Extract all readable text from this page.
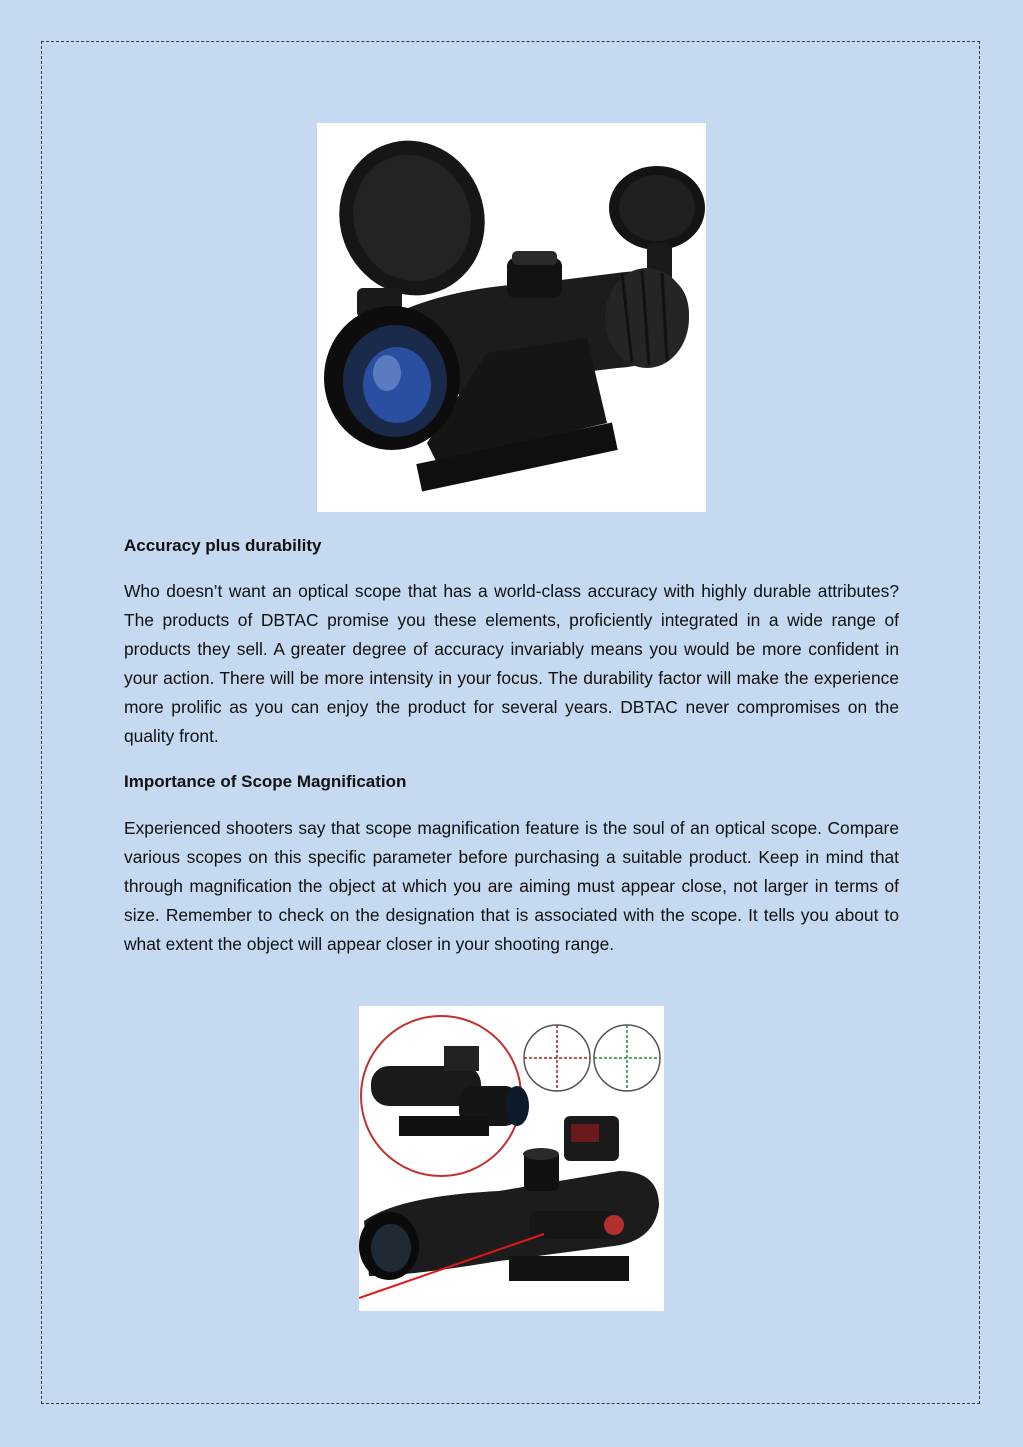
Accuracy plus durability

Who doesn’t want an optical scope that has a world-class accuracy with highly durable attributes? The products of DBTAC promise you these elements, proficiently integrated in a wide range of products they sell. A greater degree of accuracy invariably means you would be more confident in your action. There will be more intensity in your focus. The durability factor will make the experience more prolific as you can enjoy the product for several years. DBTAC never compromises on the quality front.

Importance of Scope Magnification

Experienced shooters say that scope magnification feature is the soul of an optical scope. Compare various scopes on this specific parameter before purchasing a suitable product. Keep in mind that through magnification the object at which you are aiming must appear close, not larger in terms of size. Remember to check on the designation that is associated with the scope. It tells you about to what extent the object will appear closer in your shooting range.
